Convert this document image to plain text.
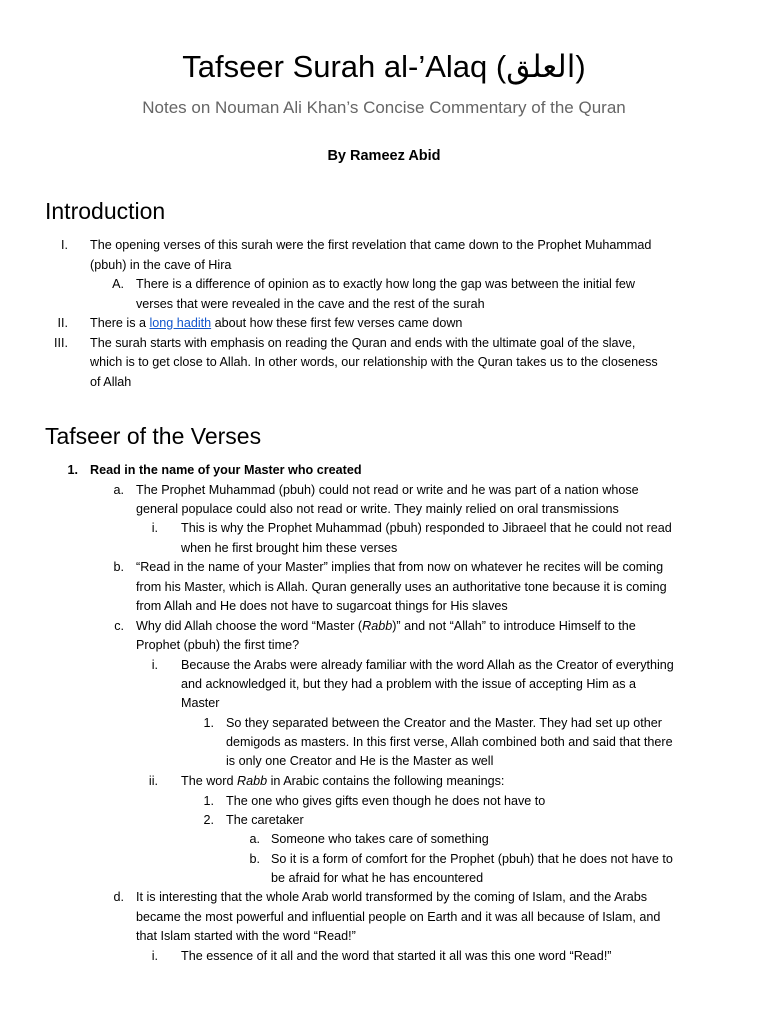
Tafseer Surah al-’Alaq (العلق)
Notes on Nouman Ali Khan’s Concise Commentary of the Quran
By Rameez Abid
Introduction
I. The opening verses of this surah were the first revelation that came down to the Prophet Muhammad
(pbuh) in the cave of Hira
A. There is a difference of opinion as to exactly how long the gap was between the initial few
verses that were revealed in the cave and the rest of the surah
II. There is a long hadith about how these first few verses came down
III. The surah starts with emphasis on reading the Quran and ends with the ultimate goal of the slave,
which is to get close to Allah. In other words, our relationship with the Quran takes us to the closeness
of Allah
Tafseer of the Verses
1. Read in the name of your Master who created
a. The Prophet Muhammad (pbuh) could not read or write and he was part of a nation whose
general populace could also not read or write. They mainly relied on oral transmissions
i. This is why the Prophet Muhammad (pbuh) responded to Jibraeel that he could not read
when he first brought him these verses
b. “Read in the name of your Master” implies that from now on whatever he recites will be coming
from his Master, which is Allah. Quran generally uses an authoritative tone because it is coming
from Allah and He does not have to sugarcoat things for His slaves
c. Why did Allah choose the word “Master (Rabb)” and not “Allah” to introduce Himself to the
Prophet (pbuh) the first time?
i. Because the Arabs were already familiar with the word Allah as the Creator of everything
and acknowledged it, but they had a problem with the issue of accepting Him as a
Master
1. So they separated between the Creator and the Master. They had set up other
demigods as masters. In this first verse, Allah combined both and said that there
is only one Creator and He is the Master as well
ii. The word Rabb in Arabic contains the following meanings:
1. The one who gives gifts even though he does not have to
2. The caretaker
a. Someone who takes care of something
b. So it is a form of comfort for the Prophet (pbuh) that he does not have to
be afraid for what he has encountered
d. It is interesting that the whole Arab world transformed by the coming of Islam, and the Arabs
became the most powerful and influential people on Earth and it was all because of Islam, and
that Islam started with the word “Read!”
i. The essence of it all and the word that started it all was this one word “Read!”
